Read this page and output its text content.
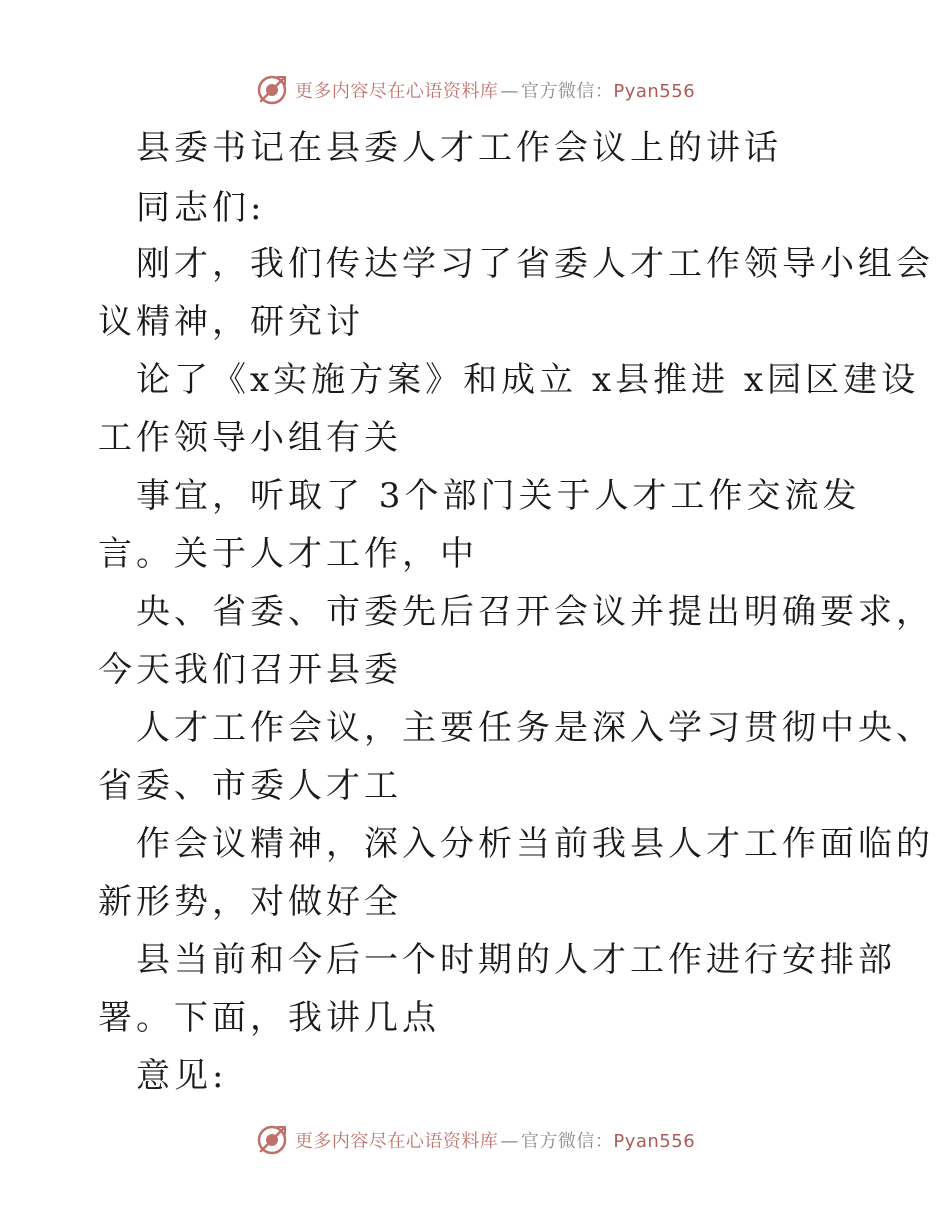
更多内容尽在心语资料库 — 官方微信：Pyan556
县委书记在县委人才工作会议上的讲话
同志们:
刚才，我们传达学习了省委人才工作领导小组会
议精神，研究讨
论了《x实施方案》和成立 x县推进 x园区建设
工作领导小组有关
事宜，听取了 3个部门关于人才工作交流发
言。关于人才工作，中
央、省委、市委先后召开会议并提出明确要求，
今天我们召开县委
人才工作会议，主要任务是深入学习贯彻中央、
省委、市委人才工
作会议精神，深入分析当前我县人才工作面临的
新形势，对做好全
县当前和今后一个时期的人才工作进行安排部
署。下面，我讲几点
意见:
更多内容尽在心语资料库 — 官方微信：Pyan556
